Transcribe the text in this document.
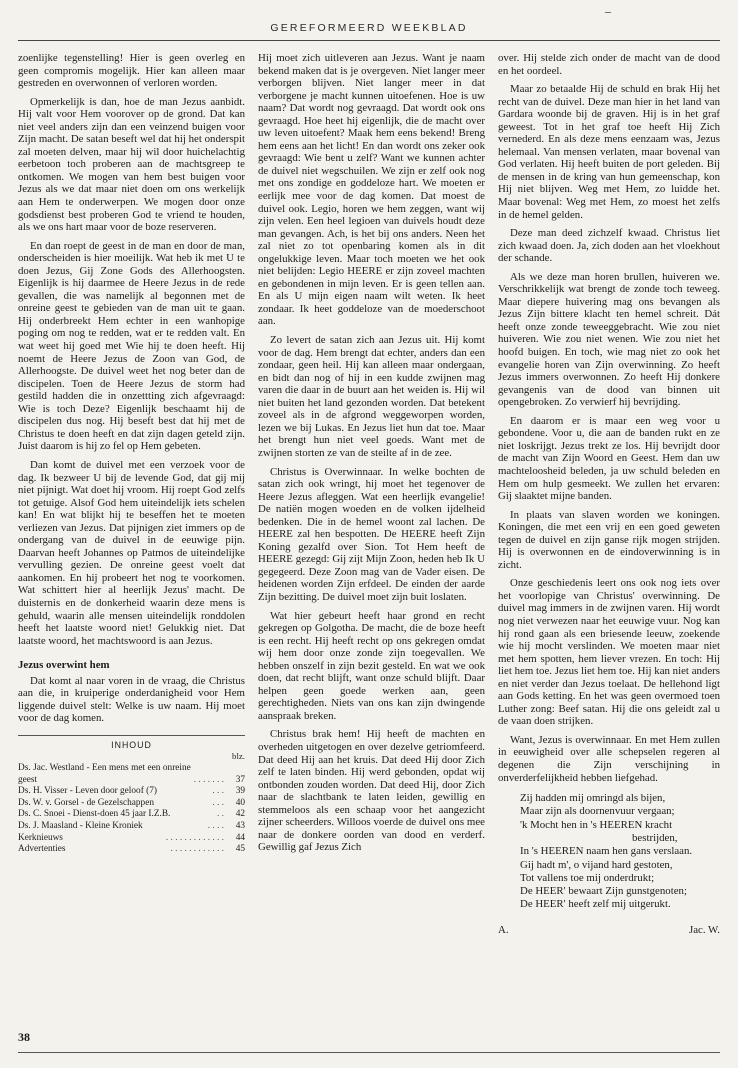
GEREFORMEERD WEEKBLAD

zoenlijke tegenstelling! Hier is geen overleg en geen compromis mogelijk. Hier kan alleen maar gestreden en overwonnen of verloren worden.

Opmerkelijk is dan, hoe de man Jezus aanbidt. Hij valt voor Hem voorover op de grond. Dat kan niet veel anders zijn dan een veinzend buigen voor Zijn macht. De satan beseft wel dat hij het onderspit zal moeten delven, maar hij wil door huichelachtig eerbetoon toch proberen aan de machtsgreep te ontkomen. We mogen van hem best buigen voor Jezus als we dat maar niet doen om ons werkelijk aan Hem te onderwerpen. We mogen door onze godsdienst best proberen God te vriend te houden, als we ons hart maar voor de boze reserveren.

En dan roept de geest in de man en door de man, onderscheiden is hier moeilijk. Wat heb ik met U te doen Jezus, Gij Zone Gods des Allerhoogsten. Eigenlijk is hij daarmee de Heere Jezus in de rede gevallen, die was namelijk al begonnen met de onreine geest te gebieden van de man uit te gaan. Hij onderbreekt Hem echter in een wanhopige poging om nog te redden, wat er te redden valt. En wat weet hij goed met Wie hij te doen heeft. Hij noemt de Heere Jezus de Zoon van God, de Allerhoogste. De duivel weet het nog beter dan de discipelen. Toen de Heere Jezus de storm had gestild hadden die in onzettting zich afgevraagd: Wie is toch Deze? Eigenlijk beschaamt hij de discipelen dus nog. Hij beseft best dat hij met de Christus te doen heeft en dat zijn dagen geteld zijn. Juist daarom is hij zo fel op Hem gebeten.

Dan komt de duivel met een verzoek voor de dag. Ik bezweer U bij de levende God, dat gij mij niet pijnigt. Wat doet hij vroom. Hij roept God zelfs tot getuige. Alsof God hem uiteindelijk iets schelen kan! En wat blijkt hij te beseffen het te moeten verliezen van Jezus. Dat pijnigen ziet immers op de ondergang van de duivel in de eeuwige pijn. Daarvan heeft Johannes op Patmos de uiteindelijke vervulling gezien. De onreine geest voelt dat aankomen. En hij probeert het nog te voorkomen. Wat schittert hier al heerlijk Jezus' macht. De duisternis en de donkerheid waarin deze mens is gehuld, waarin alle mensen uiteindelijk ronddolen heeft het laatste woord niet! Gelukkig niet. Dat laatste woord, het machtswoord is aan Jezus.

Jezus overwint hem

Dat komt al naar voren in de vraag, die Christus aan die, in kruiperige onderdanigheid voor Hem liggende duivel stelt: Welke is uw naam. Hij moet voor de dag komen.

INHOUD
blz.
Ds. Jac. Westland - Een mens met een onreine geest	. . . . . . .	37
Ds. H. Visser - Leven door geloof (7)	. . .	39
Ds. W. v. Gorsel - de Gezelschappen	. . .	40
Ds. C. Snoei - Dienst-doen 45 jaar I.Z.B.	. .	42
Ds. J. Maasland - Kleine Kroniek	. . . .	43
Kerknieuws	. . . . . . . . . . . . .	44
Advertenties	. . . . . . . . . . . .	45

Hij moet zich uitleveren aan Jezus. Want je naam bekend maken dat is je overgeven. Niet langer meer verborgen blijven. Niet langer meer in dat verborgene je macht kunnen uitoefenen. Hoe is uw naam? Dat wordt nog gevraagd. Dat wordt ook ons gevraagd. Hoe heet hij eigenlijk, die de macht over uw leven uitoefent? Maak hem eens bekend! Breng hem eens aan het licht! En dan wordt ons zeker ook gevraagd: Wie bent u zelf? Want we kunnen achter de duivel niet wegschuilen. We zijn er zelf ook nog met ons zondige en goddeloze hart. We moeten er eerlijk mee voor de dag komen. Dat moest de duivel ook. Legio, horen we hem zeggen, want wij zijn velen. Een heel legioen van duivels houdt deze man gevangen. Ach, is het bij ons anders. Neen het zal niet zo tot openbaring komen als in dit ongelukkige leven. Maar toch moeten we het ook niet belijden: Legio HEERE er zijn zoveel machten en gebondenen in mijn leven. Er is geen tellen aan. En als U mijn eigen naam wilt weten. Ik heet zondaar. Ik heet goddeloze van de moederschoot aan.

Zo levert de satan zich aan Jezus uit. Hij komt voor de dag. Hem brengt dat echter, anders dan een zondaar, geen heil. Hij kan alleen maar ondergaan, en bidt dan nog of hij in een kudde zwijnen mag varen die daar in de buurt aan het weiden is. Hij wil niet buiten het land gezonden worden. Dat betekent zoveel als in de afgrond weggeworpen worden, lezen we bij Lukas. En Jezus liet hun dat toe. Maar het brengt hun niet veel goeds. Want met de zwijnen storten ze van de steilte af in de zee.

Christus is Overwinnaar. In welke bochten de satan zich ook wringt, hij moet het tegenover de Heere Jezus afleggen. Wat een heerlijk evangelie! De natiën mogen woeden en de volken ijdelheid bedenken. Die in de hemel woont zal lachen. De HEERE zal hen bespotten. De HEERE heeft Zijn Koning gezalfd over Sion. Tot Hem heeft de HEERE gezegd: Gij zijt Mijn Zoon, heden heb Ik U gegegeerd. Deze Zoon mag van de Vader eisen. De heidenen worden Zijn erfdeel. De einden der aarde Zijn bezitting. De duivel moet zijn buit loslaten.

Wat hier gebeurt heeft haar grond en recht gekregen op Golgotha. De macht, die de boze heeft is een recht. Hij heeft recht op ons gekregen omdat wij hem door onze zonde zijn toegevallen. We hebben onszelf in zijn bezit gesteld. En wat we ook doen, dat recht blijft, want onze schuld blijft. Daar helpen geen goede werken aan, geen gerechtigheden. Niets van ons kan zijn dwingende aanspraak breken.

Christus brak hem! Hij heeft de machten en overheden uitgetogen en over dezelve getriomfeerd. Dat deed Hij aan het kruis. Dat deed Hij door Zich zelf te laten binden. Hij werd gebonden, opdat wij ontbonden zouden worden. Dat deed Hij, door Zich naar de slachtbank te laten leiden, gewillig en stemmeloos als een schaap voor het aangezicht zijner scheerders. Willoos voerde de duivel ons mee naar de donkere oorden van dood en verderf. Gewillig gaf Jezus Zich

over. Hij stelde zich onder de macht van de dood en het oordeel.

Maar zo betaalde Hij de schuld en brak Hij het recht van de duivel. Deze man hier in het land van Gardara woonde bij de graven. Hij is in het graf geweest. Tot in het graf toe heeft Hij Zich vernederd. En als deze mens eenzaam was, Jezus helemaal. Van mensen verlaten, maar bovenal van God verlaten. Hij heeft buiten de port geleden. Bij de mensen in de kring van hun gemeenschap, kon Hij niet blijven. Weg met Hem, zo luidde het. Maar bovenal: Weg met Hem, zo moest het zelfs in de hemel gelden.

Deze man deed zichzelf kwaad. Christus liet zich kwaad doen. Ja, zich doden aan het vloekhout der schande.

Als we deze man horen brullen, huiveren we. Verschrikkelijk wat brengt de zonde toch teweeg. Maar diepere huivering mag ons bevangen als Jezus Zijn bittere klacht ten hemel schreit. Dát heeft onze zonde teweeggebracht. Wie zou niet huiveren. Wie zou niet wenen. Wie zou niet het hoofd buigen. En toch, wie mag niet zo ook het evangelie horen van Zijn overwinning. Zo heeft Jezus immers overwonnen. Zo heeft Hij donkere gevangenis van de dood van binnen uit opengebroken. Zo verwierf hij bevrijding.

En daarom er is maar een weg voor u gebondene. Voor u, die aan de banden rukt en ze niet loskrijgt. Jezus trekt ze los. Hij bevrijdt door de macht van Zijn Woord en Geest. Hem dan uw machteloosheid beleden, ja uw schuld beleden en Hem om hulp gesmeekt. We zullen het ervaren: Gij slaaktet mijne banden.

In plaats van slaven worden we koningen. Koningen, die met een vrij en een goed geweten tegen de duivel en zijn ganse rijk mogen strijden. Hij is overwonnen en de eindoverwinning is in zicht.

Onze geschiedenis leert ons ook nog iets over het voorlopige van Christus' overwinning. De duivel mag immers in de zwijnen varen. Hij wordt nog niet verwezen naar het eeuwige vuur. Nog kan hij rond gaan als een briesende leeuw, zoekende wie hij mocht verslinden. We moeten maar niet met hem spotten, hem liever vrezen. En toch: Hij liet hem toe. Jezus liet hem toe. Hij kan niet anders en niet verder dan Jezus toelaat. De hellehond ligt aan Gods ketting. En het was geen overmoed toen Luther zong: Beef satan. Hij die ons geleidt zal u de vaan doen strijken.

Want, Jezus is overwinnaar. En met Hem zullen in eeuwigheid over alle schepselen regeren al degenen die Zijn verschijning in onverderfelijkheid hebben liefgehad.

Zij hadden mij omringd als bijen,
Maar zijn als doornenvuur vergaan;
'k Mocht hen in 's HEEREN kracht
bestrijden,
In 's HEEREN naam hen gans verslaan.
Gij hadt m', o vijand hard gestoten,
Tot vallens toe mij onderdrukt;
De HEER' bewaart Zijn gunstgenoten;
De HEER' heeft zelf mij uitgerukt.
A.	Jac. W.
38
